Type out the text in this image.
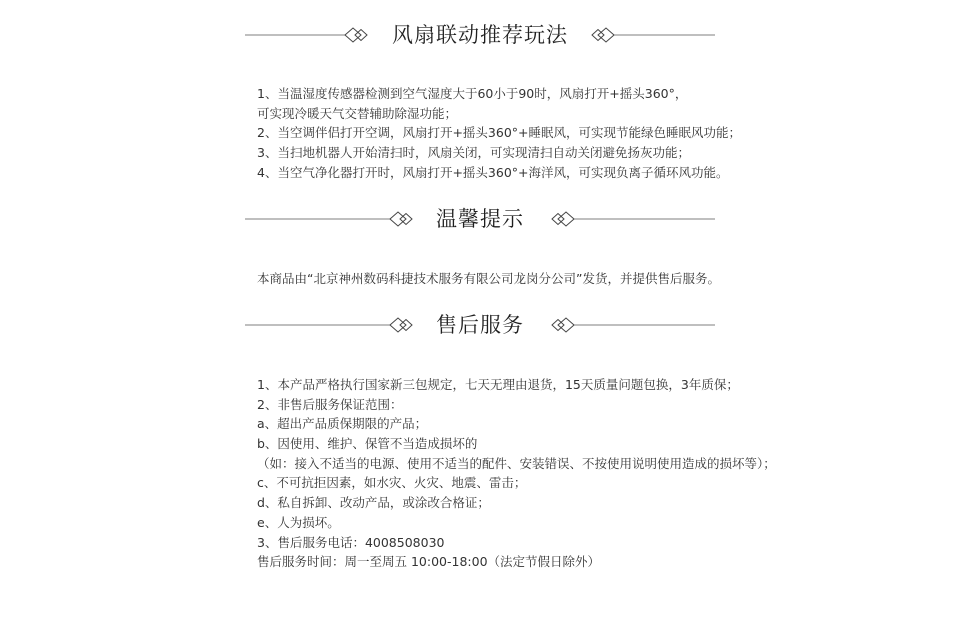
风扇联动推荐玩法
1、当温湿度传感器检测到空气湿度大于60小于90时，风扇打开+摇头360°，
可实现冷暖天气交替辅助除湿功能；
2、当空调伴侣打开空调，风扇打开+摇头360°+睡眠风，可实现节能绿色睡眠风功能；
3、当扫地机器人开始清扫时，风扇关闭，可实现清扫自动关闭避免扬灰功能；
4、当空气净化器打开时，风扇打开+摇头360°+海洋风，可实现负离子循环风功能。
温馨提示
本商品由“北京神州数码科捷技术服务有限公司龙岗分公司”发货，并提供售后服务。
售后服务
1、本产品严格执行国家新三包规定，七天无理由退货，15天质量问题包换，3年质保；
2、非售后服务保证范围：
a、超出产品质保期限的产品；
b、因使用、维护、保管不当造成损坏的
（如：接入不适当的电源、使用不适当的配件、安装错误、不按使用说明使用造成的损坏等）；
c、不可抗拒因素，如水灾、火灾、地震、雷击；
d、私自拆卸、改动产品，或涂改合格证；
e、人为损坏。
3、售后服务电话：4008508030
售后服务时间：周一至周五 10:00-18:00（法定节假日除外）
